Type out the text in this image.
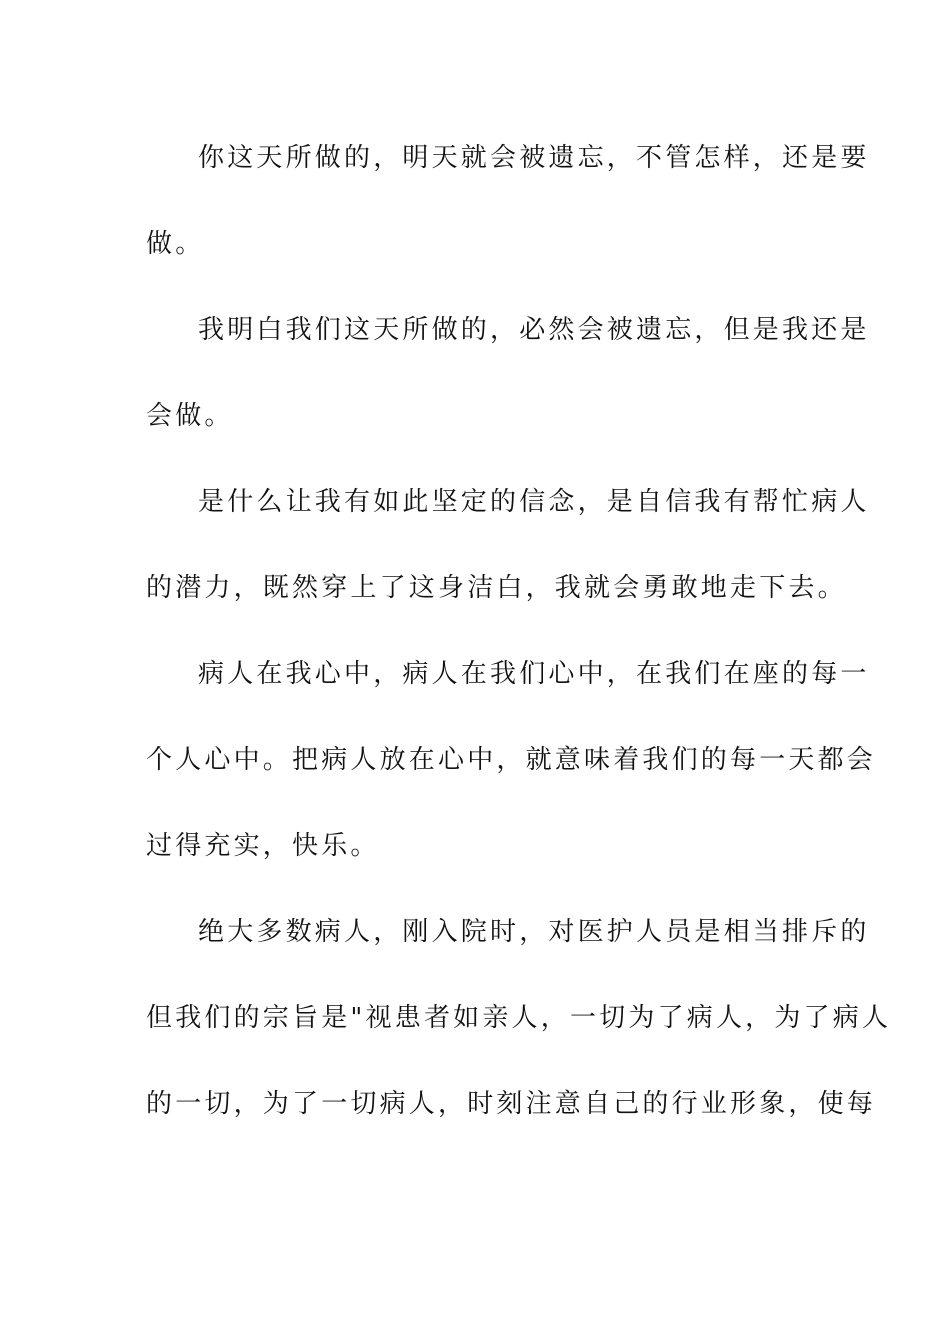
你这天所做的，明天就会被遗忘，不管怎样，还是要
做。
我明白我们这天所做的，必然会被遗忘，但是我还是
会做。
是什么让我有如此坚定的信念，是自信我有帮忙病人
的潜力，既然穿上了这身洁白，我就会勇敢地走下去。
病人在我心中，病人在我们心中，在我们在座的每一
个人心中。把病人放在心中，就意味着我们的每一天都会
过得充实，快乐。
绝大多数病人，刚入院时，对医护人员是相当排斥的
但我们的宗旨是"视患者如亲人，一切为了病人，为了病人
的一切，为了一切病人，时刻注意自己的行业形象，使每
